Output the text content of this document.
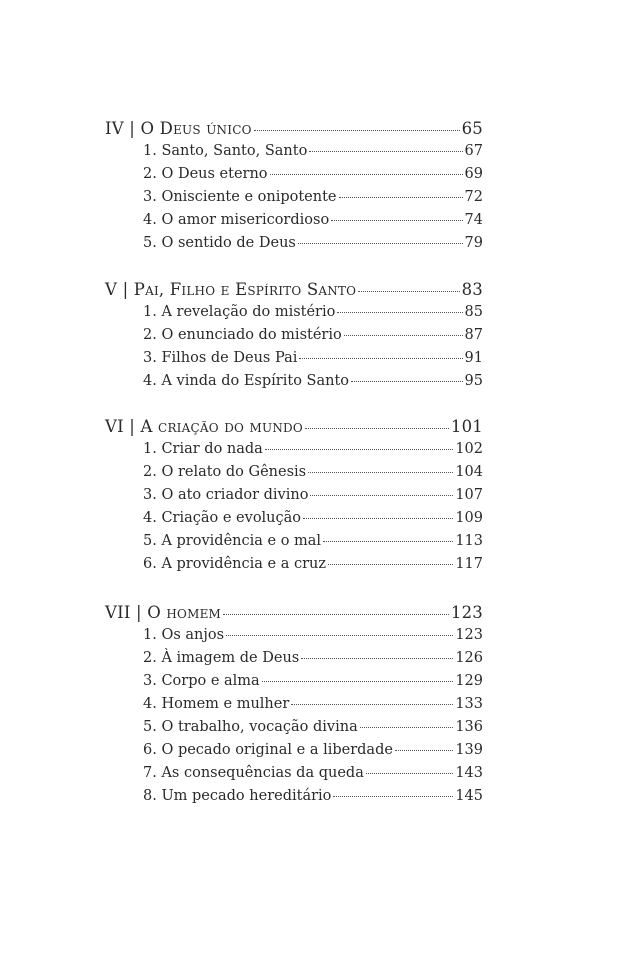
IV | O Deus único	65
1. Santo, Santo, Santo	67
2. O Deus eterno	69
3. Onisciente e onipotente	72
4. O amor misericordioso	74
5. O sentido de Deus	79
V | Pai, Filho e Espírito Santo	83
1. A revelação do mistério	85
2. O enunciado do mistério	87
3. Filhos de Deus Pai	91
4. A vinda do Espírito Santo	95
VI | A criação do mundo	101
1. Criar do nada	102
2. O relato do Gênesis	104
3. O ato criador divino	107
4. Criação e evolução	109
5. A providência e o mal	113
6. A providência e a cruz	117
VII | O homem	123
1. Os anjos	123
2. À imagem de Deus	126
3. Corpo e alma	129
4. Homem e mulher	133
5. O trabalho, vocação divina	136
6. O pecado original e a liberdade	139
7. As consequências da queda	143
8. Um pecado hereditário	145
